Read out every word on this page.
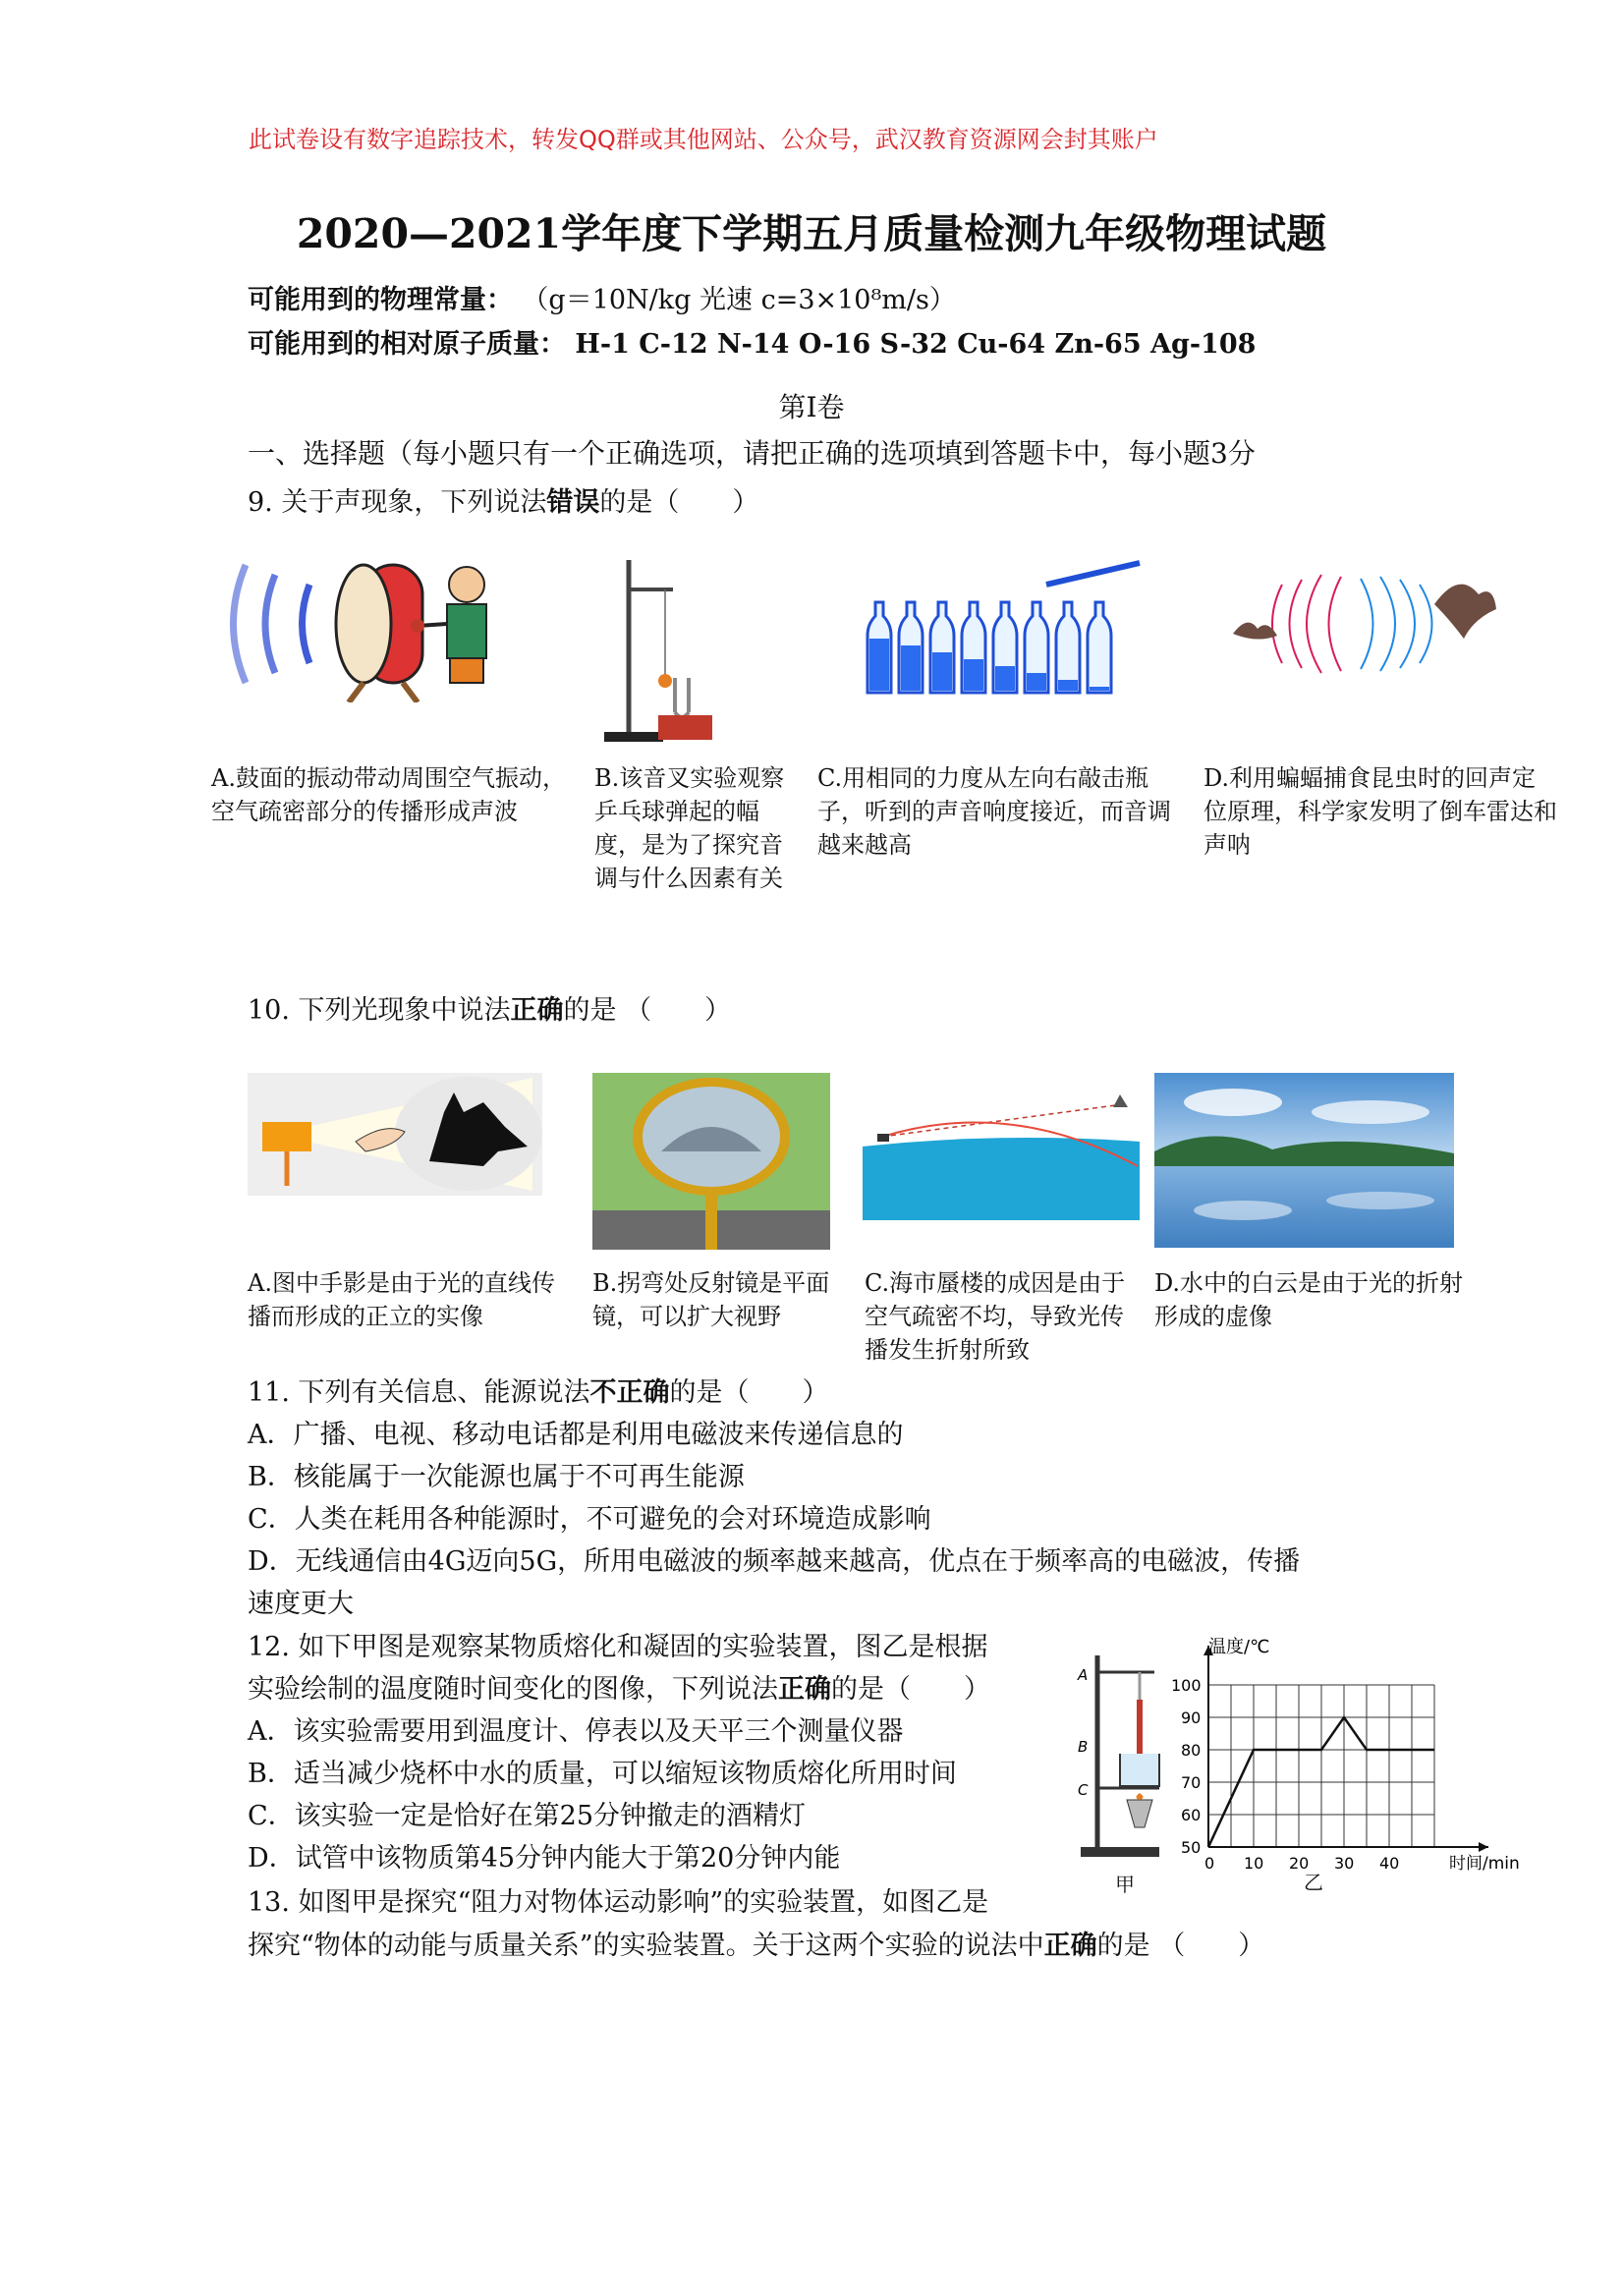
此试卷设有数字追踪技术，转发QQ群或其他网站、公众号，武汉教育资源网会封其账户
2020—2021学年度下学期五月质量检测九年级物理试题
可能用到的物理常量： （g＝10N/kg 光速 c=3×10⁸m/s）
可能用到的相对原子质量： H-1 C-12 N-14 O-16 S-32 Cu-64 Zn-65 Ag-108
第Ⅰ卷
一、选择题（每小题只有一个正确选项，请把正确的选项填到答题卡中，每小题3分
9. 关于声现象，下列说法错误的是（　　）
A.鼓面的振动带动周围空气振动，空气疏密部分的传播形成声波
B.该音叉实验观察乒乓球弹起的幅度，是为了探究音调与什么因素有关
C.用相同的力度从左向右敲击瓶子，听到的声音响度接近，而音调越来越高
D.利用蝙蝠捕食昆虫时的回声定位原理，科学家发明了倒车雷达和声呐
10. 下列光现象中说法正确的是 （　　）
A.图中手影是由于光的直线传播而形成的正立的实像
B.拐弯处反射镜是平面镜，可以扩大视野
C.海市蜃楼的成因是由于空气疏密不均，导致光传播发生折射所致
D.水中的白云是由于光的折射形成的虚像
11. 下列有关信息、能源说法不正确的是（　　）
A．广播、电视、移动电话都是利用电磁波来传递信息的
B．核能属于一次能源也属于不可再生能源
C．人类在耗用各种能源时，不可避免的会对环境造成影响
D．无线通信由4G迈向5G，所用电磁波的频率越来越高，优点在于频率高的电磁波，传播
速度更大
12. 如下甲图是观察某物质熔化和凝固的实验装置，图乙是根据
实验绘制的温度随时间变化的图像，下列说法正确的是（　　）
A．该实验需要用到温度计、停表以及天平三个测量仪器
B．适当减少烧杯中水的质量，可以缩短该物质熔化所用时间
C．该实验一定是恰好在第25分钟撤走的酒精灯
D．试管中该物质第45分钟内能大于第20分钟内能
A
B
C
甲
0 10 20 30 40
50
60
70
80
90
100
温度/℃
时间/min
乙
13. 如图甲是探究“阻力对物体运动影响”的实验装置，如图乙是
探究“物体的动能与质量关系”的实验装置。关于这两个实验的说法中正确的是 （　　）
